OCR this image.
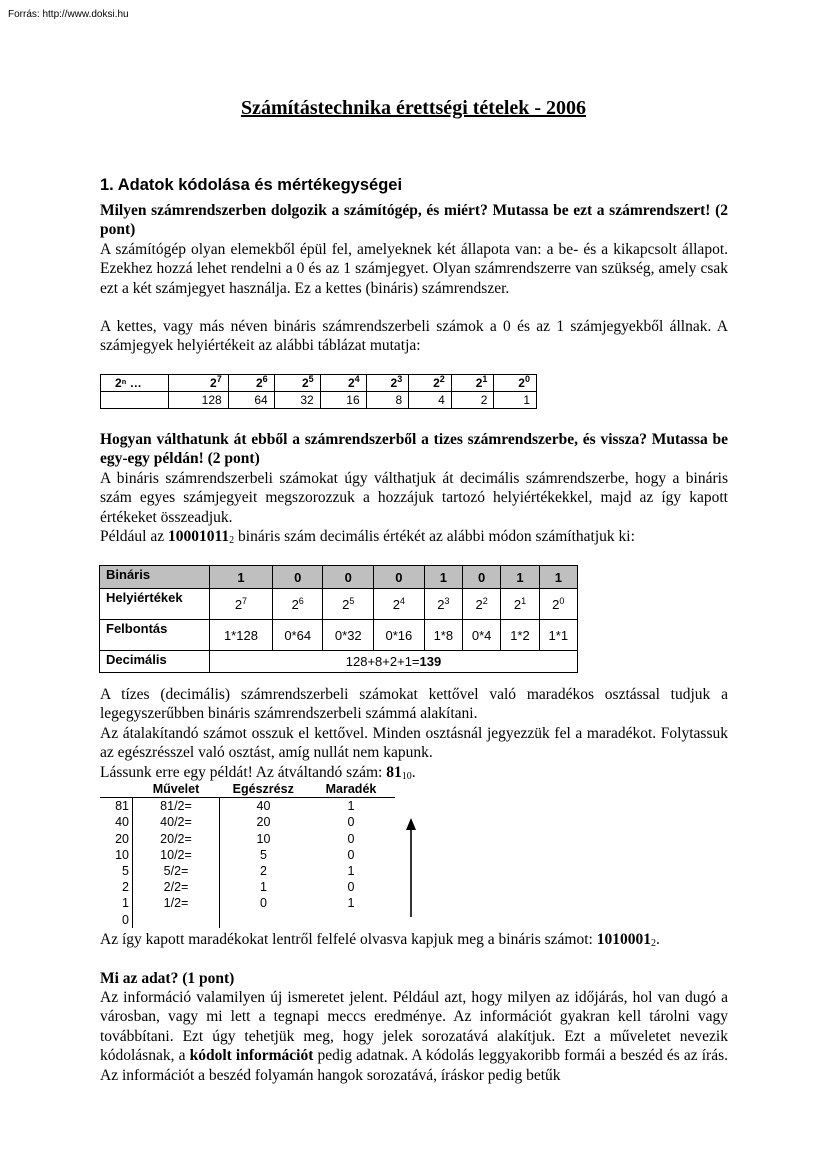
Forrás: http://www.doksi.hu
Számítástechnika érettségi tételek - 2006
1. Adatok kódolása és mértékegységei
Milyen számrendszerben dolgozik a számítógép, és miért? Mutassa be ezt a számrendszert! (2 pont)
A számítógép olyan elemekből épül fel, amelyeknek két állapota van: a be- és a kikapcsolt állapot. Ezekhez hozzá lehet rendelni a 0 és az 1 számjegyet. Olyan számrendszerre van szükség, amely csak ezt a két számjegyet használja. Ez a kettes (bináris) számrendszer.
A kettes, vagy más néven bináris számrendszerbeli számok a 0 és az 1 számjegyekből állnak. A számjegyek helyiértékeit az alábbi táblázat mutatja:
2ⁿ …	$2^7$	$2^6$	$2^5$	$2^4$	$2^3$	$2^2$	$2^1$	$2^0$
	128	64	32	16	8	4	2	1
Hogyan válthatunk át ebből a számrendszerből a tizes számrendszerbe, és vissza? Mutassa be egy-egy példán! (2 pont)
A bináris számrendszerbeli számokat úgy válthatjuk át decimális számrendszerbe, hogy a bináris szám egyes számjegyeit megszorozzuk a hozzájuk tartozó helyiértékekkel, majd az így kapott értékeket összeadjuk.
Például az $10001011_2$ bináris szám decimális értékét az alábbi módon számíthatjuk ki:
Bináris	1	0	0	0	1	0	1	1
Helyiértékek	$2^7$	$2^6$	$2^5$	$2^4$	$2^3$	$2^2$	$2^1$	$2^0$
Felbontás	1*128	0*64	0*32	0*16	1*8	0*4	1*2	1*1
Decimális	128+8+2+1=139							
A tízes (decimális) számrendszerbeli számokat kettővel való maradékos osztással tudjuk a legegyszerűbben bináris számrendszerbeli számmá alakítani.
Az átalakítandó számot osszuk el kettővel. Minden osztásnál jegyezzük fel a maradékot. Folytassuk az egészrésszel való osztást, amíg nullát nem kapunk.
Lássunk erre egy példát! Az átváltandó szám: $81_{10}$.
	Művelet	Egészrész	Maradék
81	81/2=	40	1
40	40/2=	20	0
20	20/2=	10	0
10	10/2=	5	0
5	5/2=	2	1
2	2/2=	1	0
1	1/2=	0	1
0			
Az így kapott maradékokat lentről felfelé olvasva kapjuk meg a bináris számot: $1010001_2$.
Mi az adat? (1 pont)
Az információ valamilyen új ismeretet jelent. Például azt, hogy milyen az időjárás, hol van dugó a városban, vagy mi lett a tegnapi meccs eredménye. Az információt gyakran kell tárolni vagy továbbítani. Ezt úgy tehetjük meg, hogy jelek sorozatává alakítjuk. Ezt a műveletet nevezik kódolásnak, a kódolt információt pedig adatnak. A kódolás leggyakoribb formái a beszéd és az írás. Az információt a beszéd folyamán hangok sorozatává, íráskor pedig betűk
